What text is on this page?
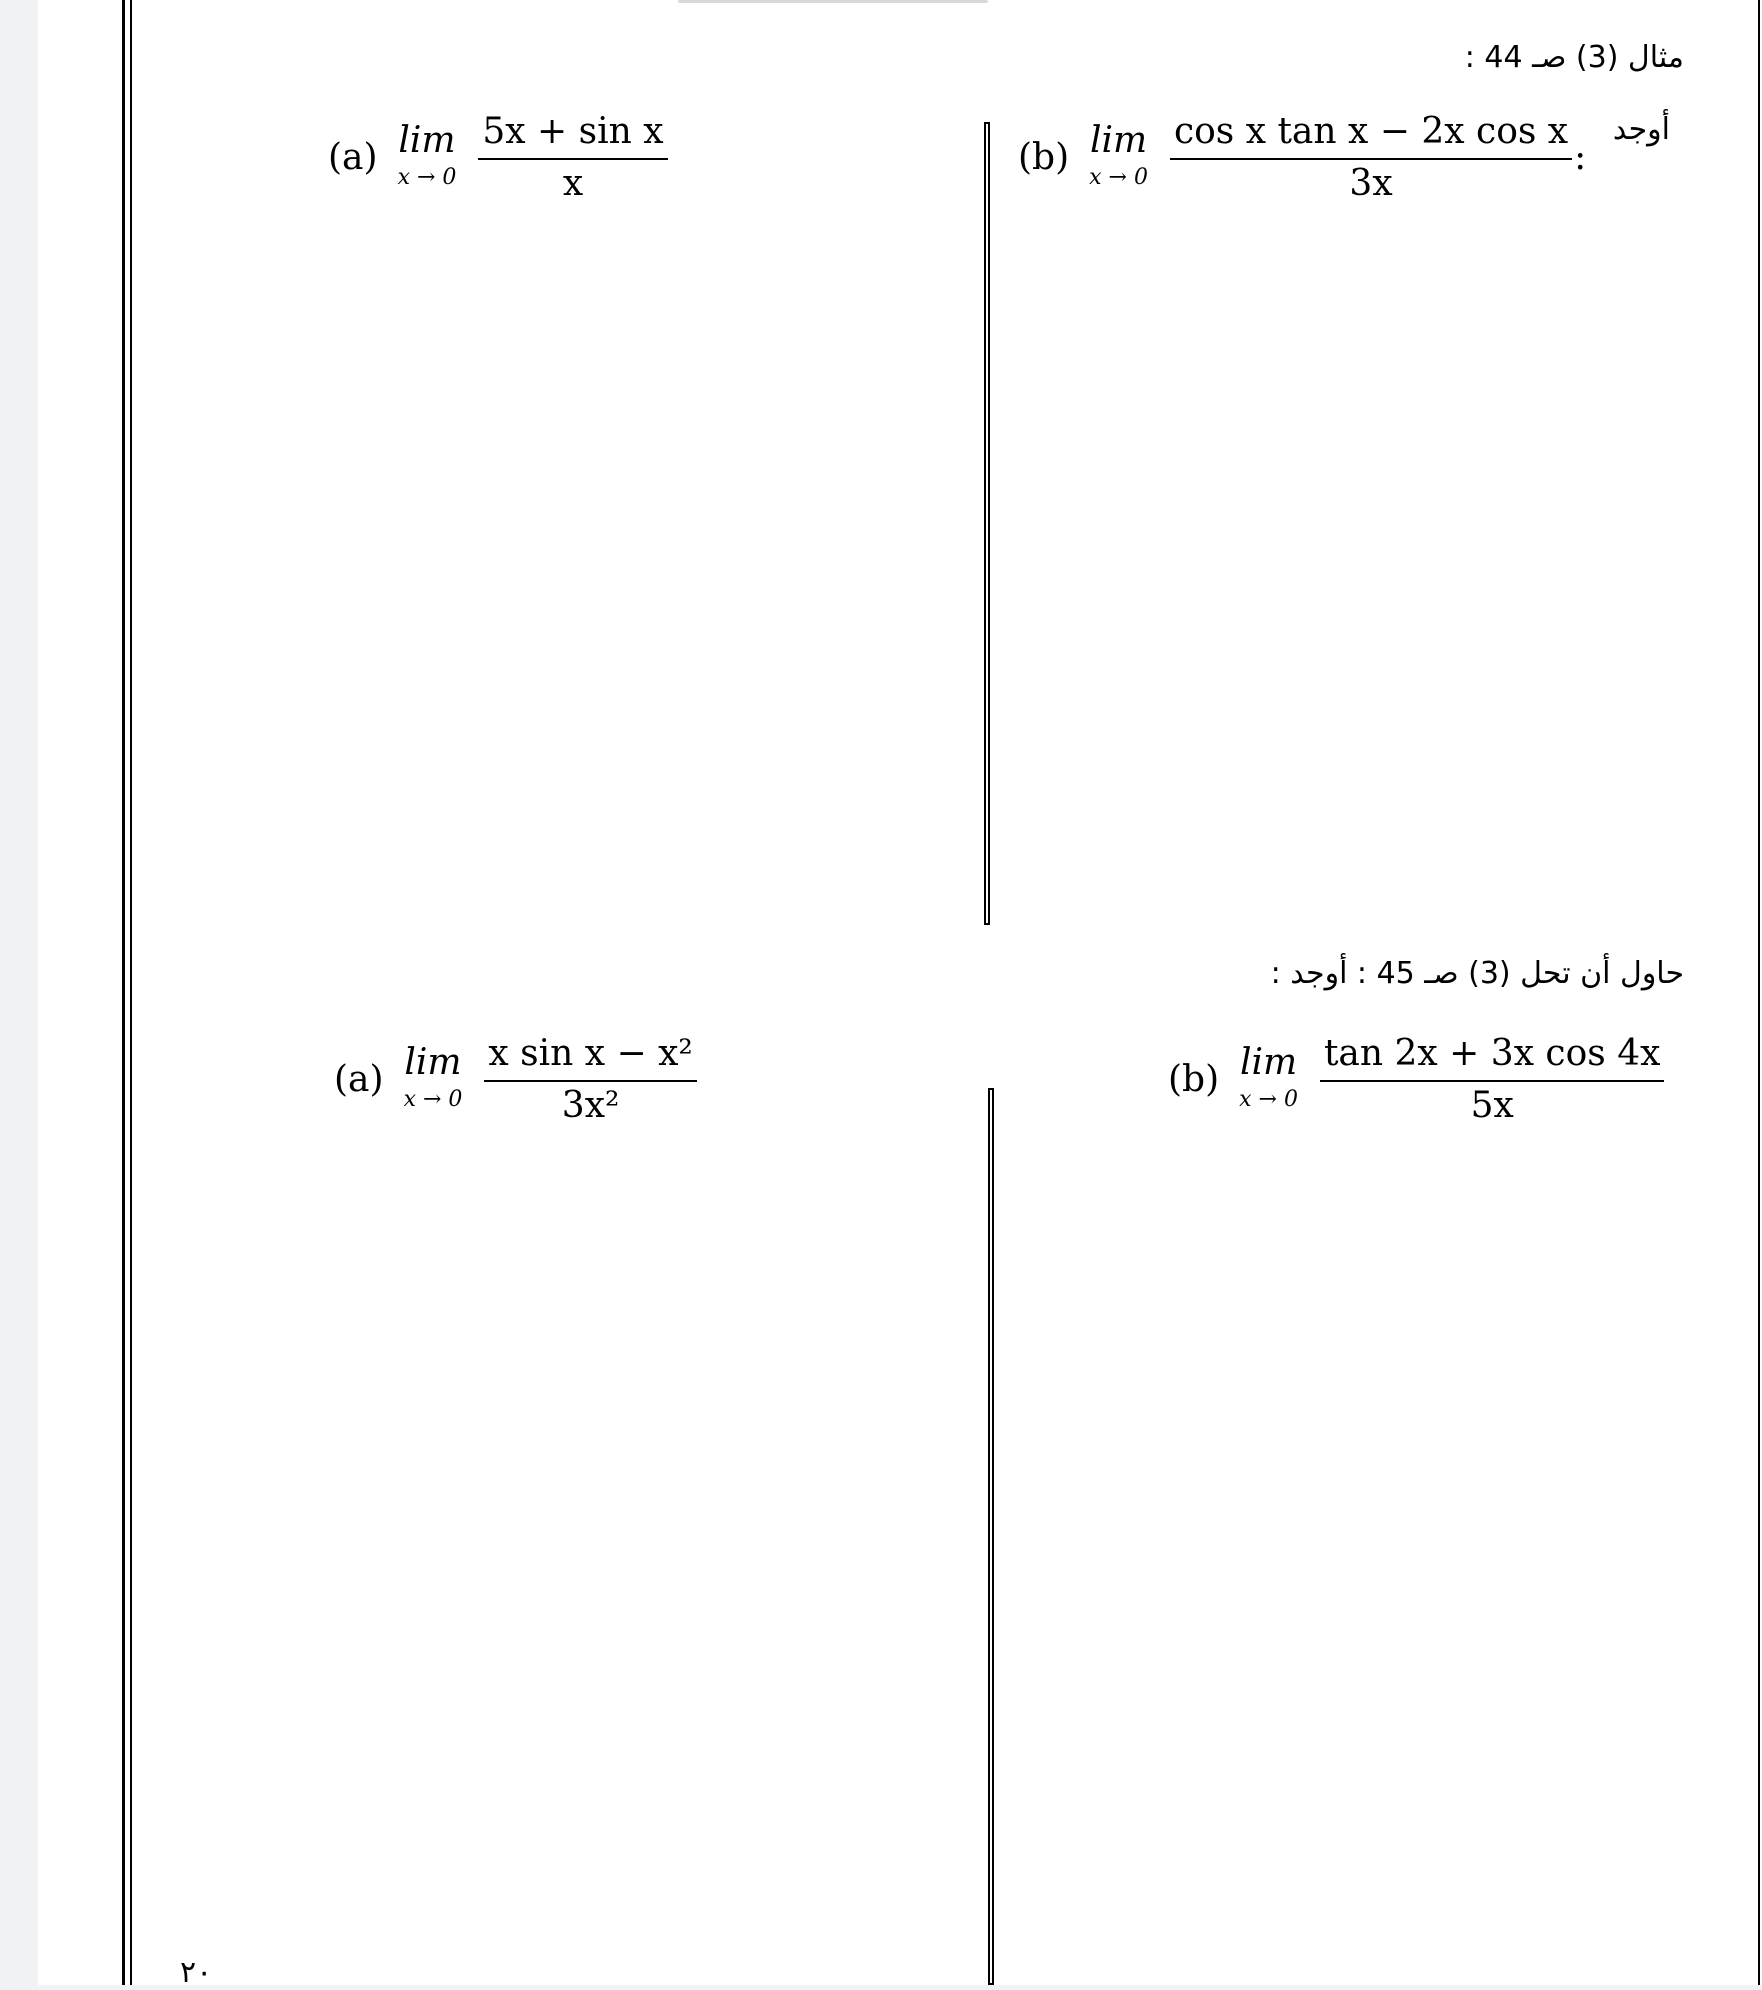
مثال (3) صـ 44 :
أوجد
(a) lim
$x \to 0 \frac{\text{5x + sin x}}{x}$	(b) lim
$x \to 0 \frac{\text{cos x tan x − 2x cos x}}{3x}$ :
حاول أن تحل (3) صـ 45 : أوجد :
(a) lim
$x \to 0 \frac{\text{x sin x − x²}}{\text{3x²}}$	(b) lim
$x \to 0 \frac{\text{tan 2x + 3x cos 4x}}{5x}$
٢٠
